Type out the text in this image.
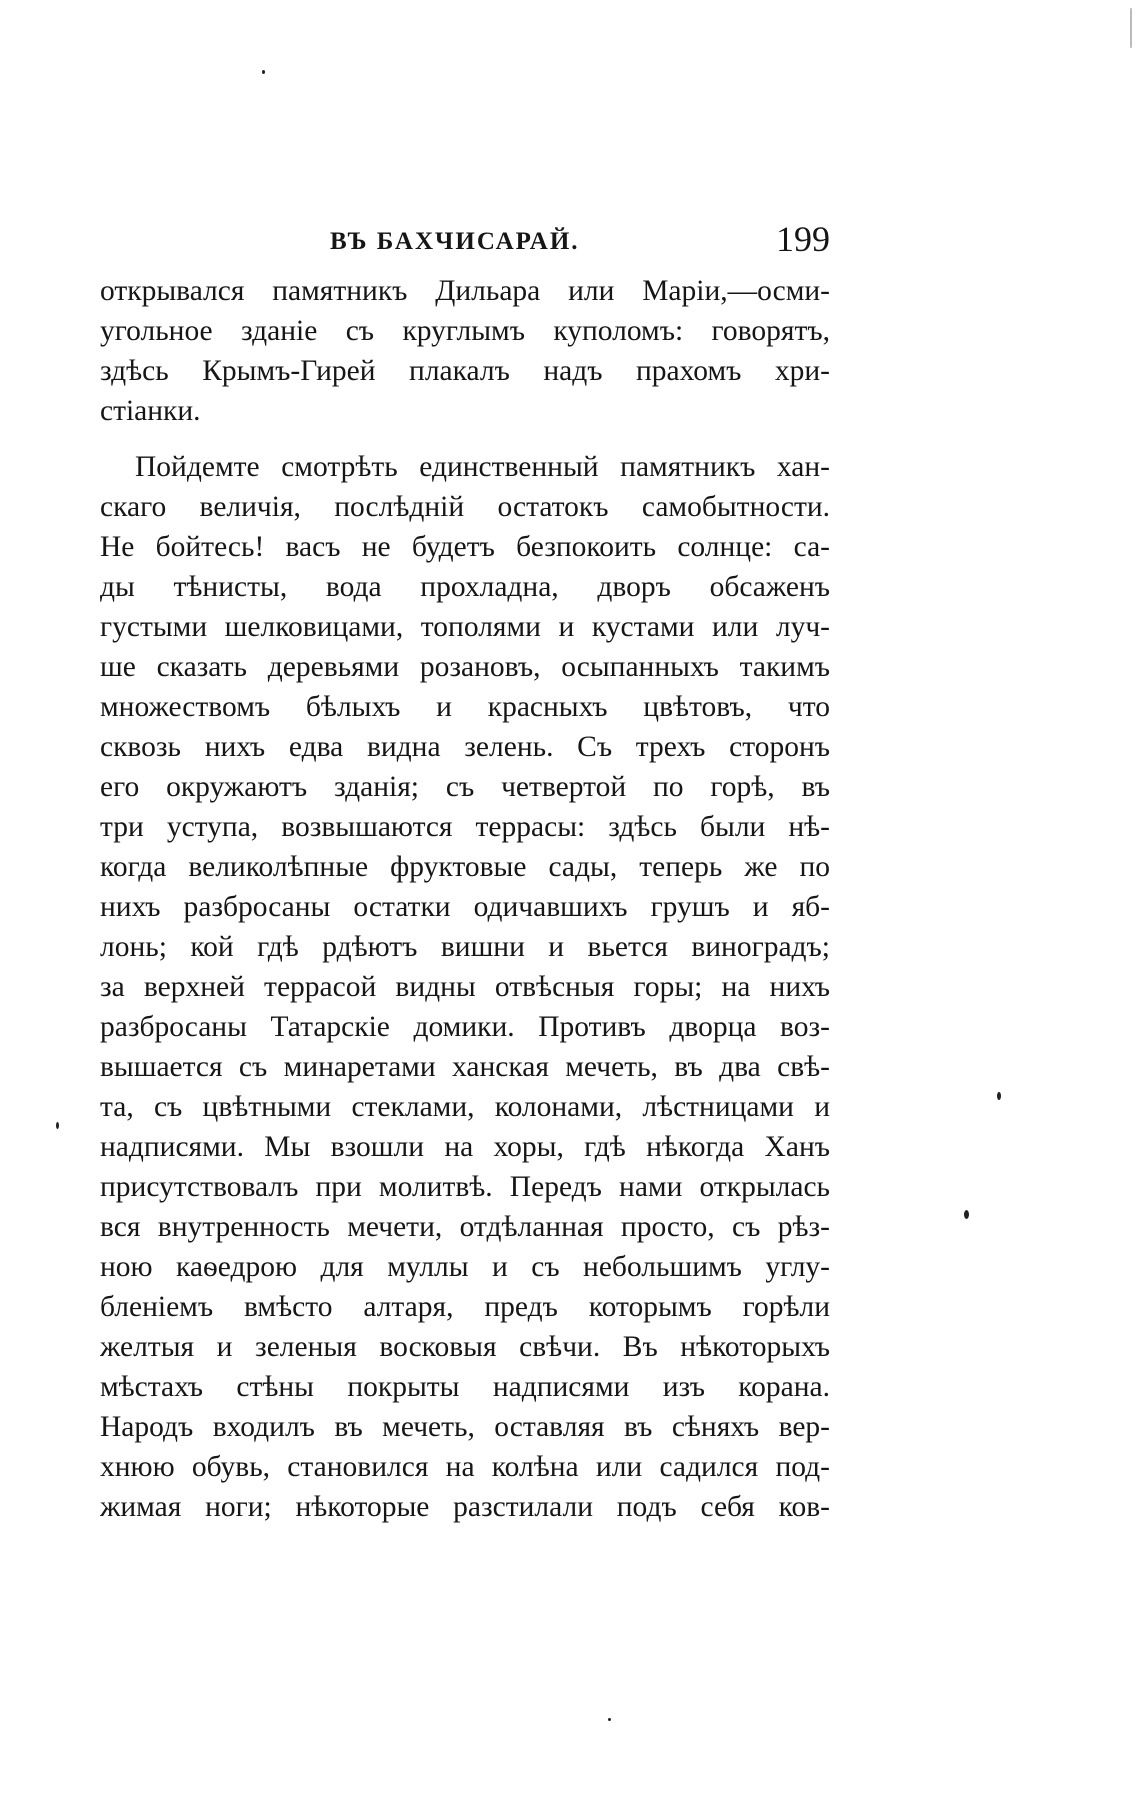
ВЪ БАХЧИСАРАЙ.	199
открывался памятникъ Дильара или Маріи,—осми-
угольное зданіе съ круглымъ куполомъ: говорятъ,
здѣсь Крымъ-Гирей плакалъ надъ прахомъ хри-
стіанки.
Пойдемте смотрѣть единственный памятникъ хан-
скаго величія, послѣдній остатокъ самобытности.
Не бойтесь! васъ не будетъ безпокоить солнце: са-
ды тѣнисты, вода прохладна, дворъ обсаженъ
густыми шелковицами, тополями и кустами или луч-
ше сказать деревьями розановъ, осыпанныхъ такимъ
множествомъ бѣлыхъ и красныхъ цвѣтовъ, что
сквозь нихъ едва видна зелень. Съ трехъ сторонъ
его окружаютъ зданія; съ четвертой по горѣ, въ
три уступа, возвышаются террасы: здѣсь были нѣ-
когда великолѣпные фруктовые сады, теперь же по
нихъ разбросаны остатки одичавшихъ грушъ и яб-
лонь; кой гдѣ рдѣютъ вишни и вьется виноградъ;
за верхней террасой видны отвѣсныя горы; на нихъ
разбросаны Татарскіе домики. Противъ дворца воз-
вышается съ минаретами ханская мечеть, въ два свѣ-
та, съ цвѣтными стеклами, колонами, лѣстницами и
надписями. Мы взошли на хоры, гдѣ нѣкогда Ханъ
присутствовалъ при молитвѣ. Передъ нами открылась
вся внутренность мечети, отдѣланная просто, съ рѣз-
ною каѳедрою для муллы и съ небольшимъ углу-
бленіемъ вмѣсто алтаря, предъ которымъ горѣли
желтыя и зеленыя восковыя свѣчи. Въ нѣкоторыхъ
мѣстахъ стѣны покрыты надписями изъ корана.
Народъ входилъ въ мечеть, оставляя въ сѣняхъ вер-
хнюю обувь, становился на колѣна или садился под-
жимая ноги; нѣкоторые разстилали подъ себя ков-
